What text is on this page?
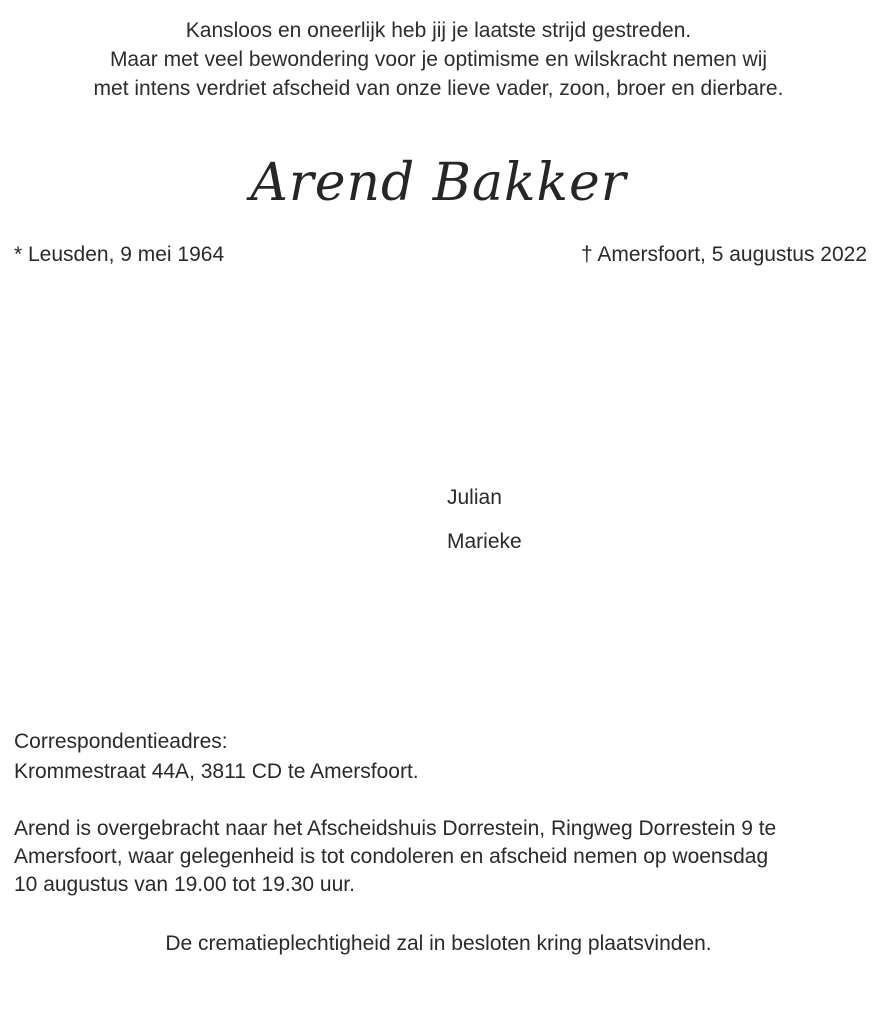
Kansloos en oneerlijk heb jij je laatste strijd gestreden.
Maar met veel bewondering voor je optimisme en wilskracht nemen wij
met intens verdriet afscheid van onze lieve vader, zoon, broer en dierbare.
Arend Bakker
* Leusden, 9 mei 1964	† Amersfoort, 5 augustus 2022
Julian
Marieke
Correspondentieadres:
Krommestraat 44A, 3811 CD te Amersfoort.
Arend is overgebracht naar het Afscheidshuis Dorrestein, Ringweg Dorrestein 9 te
Amersfoort, waar gelegenheid is tot condoleren en afscheid nemen op woensdag
10 augustus van 19.00 tot 19.30 uur.
De crematieplechtigheid zal in besloten kring plaatsvinden.
